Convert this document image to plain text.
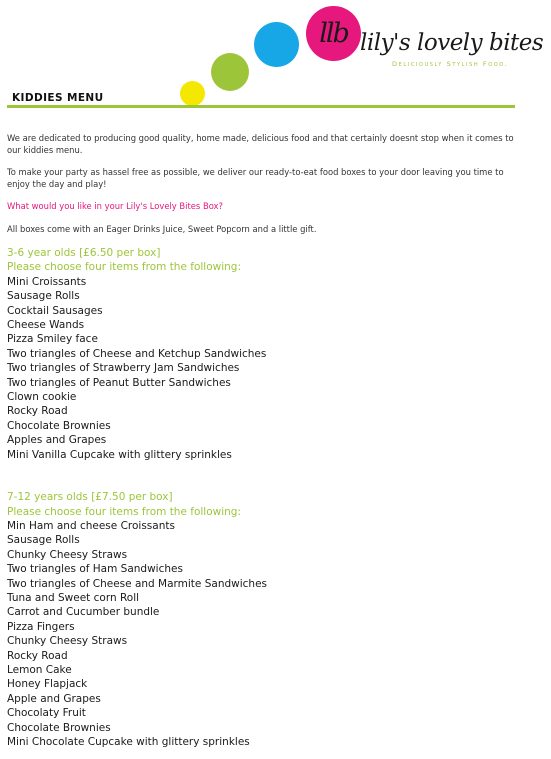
llb lily's lovely bites
Deliciously Stylish Food.
KIDDIES MENU

We are dedicated to producing good quality, home made, delicious food and that certainly doesnt stop when it comes to our kiddies menu.

To make your party as hassel free as possible, we deliver our ready-to-eat food boxes to your door leaving you time to enjoy the day and play!

What would you like in your Lily's Lovely Bites Box?

All boxes come with an Eager Drinks Juice, Sweet Popcorn and a little gift.

3-6 year olds [£6.50 per box]

Please choose four items from the following:

Mini Croissants
Sausage Rolls
Cocktail Sausages
Cheese Wands
Pizza Smiley face
Two triangles of Cheese and Ketchup Sandwiches
Two triangles of Strawberry Jam Sandwiches
Two triangles of Peanut Butter Sandwiches
Clown cookie
Rocky Road
Chocolate Brownies
Apples and Grapes
Mini Vanilla Cupcake with glittery sprinkles

7-12 years olds [£7.50 per box]

Please choose four items from the following:

Min Ham and cheese Croissants
Sausage Rolls
Chunky Cheesy Straws
Two triangles of Ham Sandwiches
Two triangles of Cheese and Marmite Sandwiches
Tuna and Sweet corn Roll
Carrot and Cucumber bundle
Pizza Fingers
Chunky Cheesy Straws
Rocky Road
Lemon Cake
Honey Flapjack
Apple and Grapes
Chocolaty Fruit
Chocolate Brownies
Mini Chocolate Cupcake with glittery sprinkles
